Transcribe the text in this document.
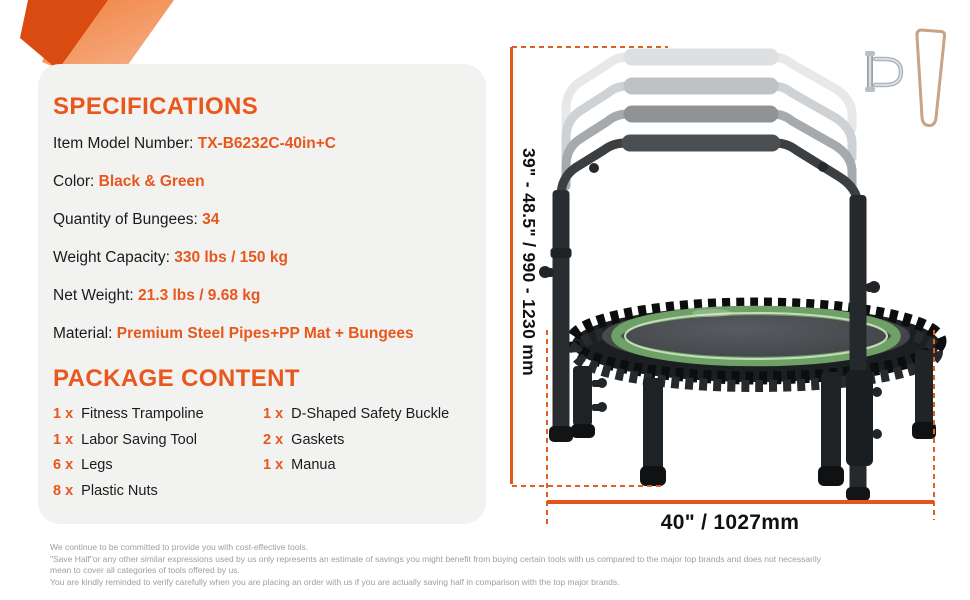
SPECIFICATIONS
Item Model Number: TX-B6232C-40in+C
Color: Black & Green
Quantity of Bungees: 34
Weight Capacity: 330 lbs / 150 kg
Net Weight: 21.3 lbs / 9.68 kg
Material: Premium Steel Pipes+PP Mat + Bungees
PACKAGE CONTENT
1 x Fitness Trampoline
1 x Labor Saving Tool
6 x Legs
8 x Plastic Nuts
1 x D-Shaped Safety Buckle
2 x Gaskets
1 x Manua
39" - 48.5" / 990 - 1230 mm
40" / 1027mm
We continue to be committed to provide you with cost-effective tools.
"Save Half"or any other similar expressions used by us only represents an estimate of savings you might benefit from buying certain tools with us compared to the major top brands and does not necessarily
mean to cover all categories of tools offered by us.
You are kindly reminded to verify carefully when you are placing an order with us if you are actually saving half in comparison with the top major brands.
